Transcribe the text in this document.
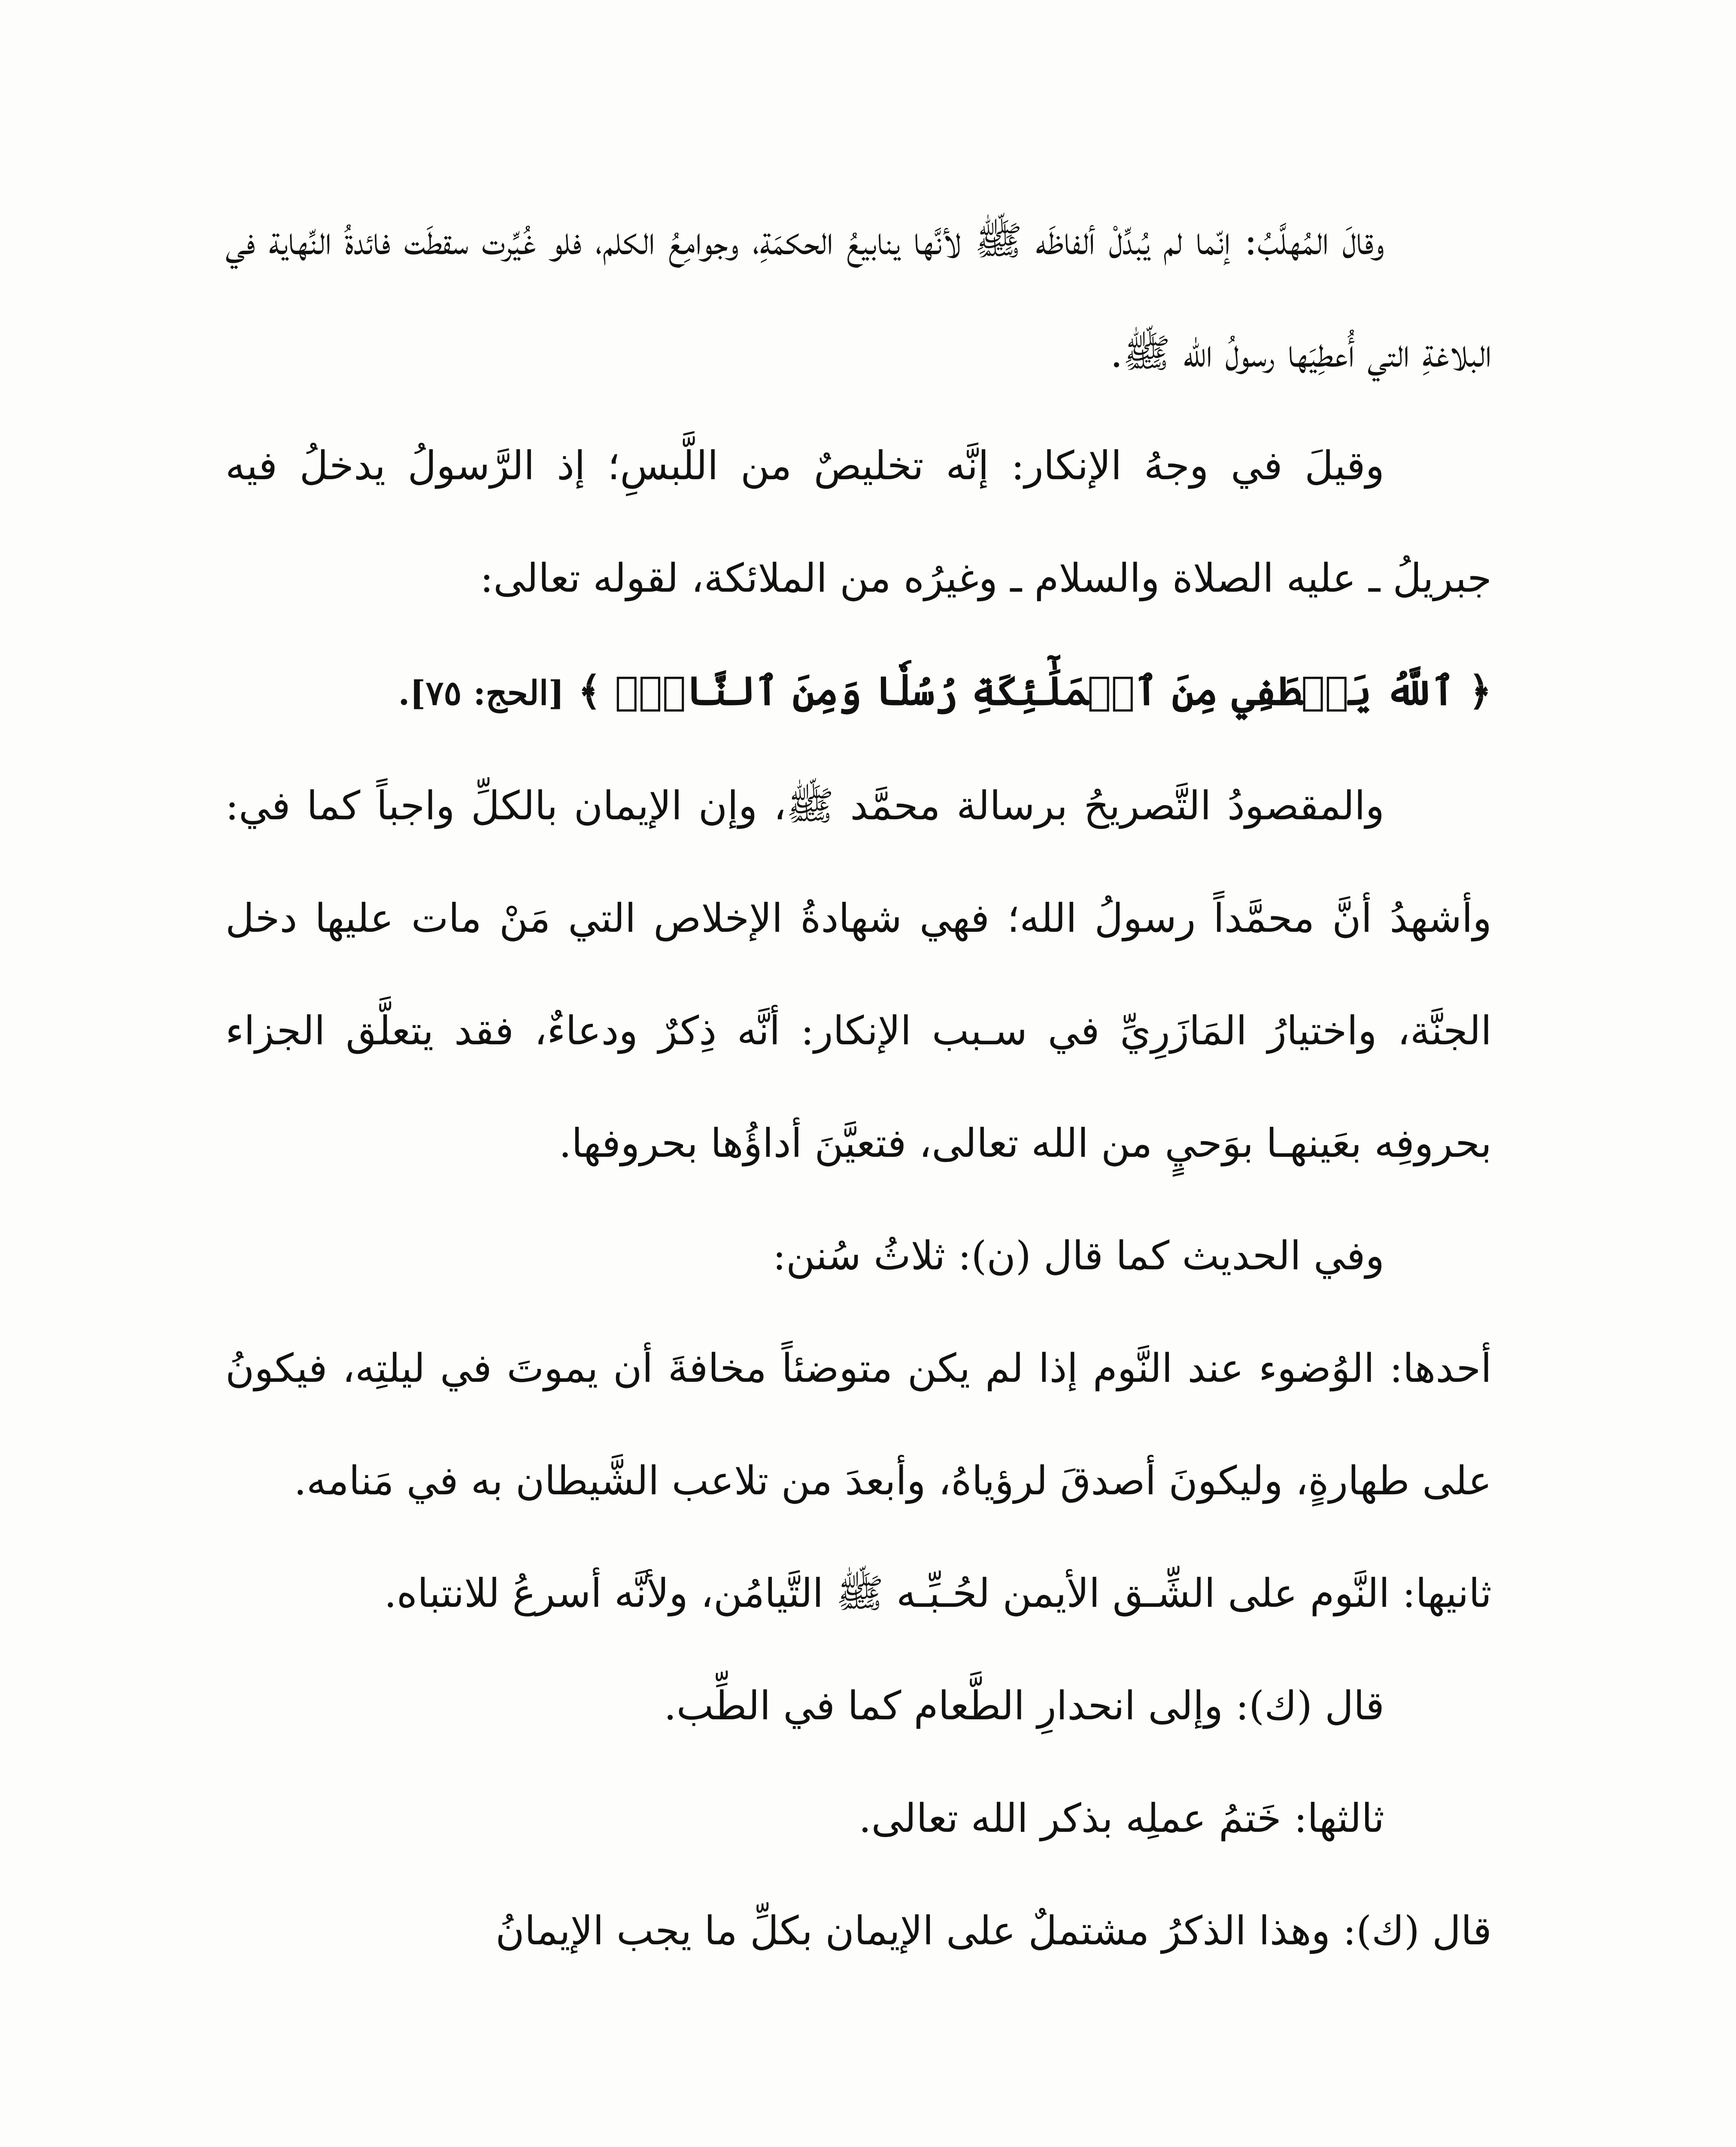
وقالَ المُهلَّبُ: إنّما لم يُبدِّلْ ألفاظَه ﷺ لأنَّها ينابيعُ الحكمَةِ، وجوامِعُ الكلم، فلو غُيِّرت سقطَت فائدةُ النِّهاية في البلاغةِ التي أُعطِيَها رسولُ الله ﷺ.

وقيلَ في وجهُ الإنكار: إنَّه تخليصٌ من اللَّبسِ؛ إذ الرَّسولُ يدخلُ فيه جبريلُ ـ عليه الصلاة والسلام ـ وغيرُه من الملائكة، لقوله تعالى:

﴿ ٱللَّهُ يَصۡطَفِي مِنَ ٱلۡمَلَٰٓئِكَةِ رُسُلٗا وَمِنَ ٱلنَّاسِۚ ﴾ [الحج: ٧٥].

والمقصودُ التَّصريحُ برسالة محمَّد ﷺ، وإن الإيمان بالكلِّ واجباً كما في: وأشهدُ أنَّ محمَّداً رسولُ الله؛ فهي شهادةُ الإخلاص التي مَنْ مات عليها دخل الجنَّة، واختيارُ المَازَرِيِّ في سـبب الإنكار: أنَّه ذِكرٌ ودعاءٌ، فقد يتعلَّق الجزاء بحروفِه بعَينهـا بوَحيٍ من الله تعالى، فتعيَّنَ أداؤُها بحروفها.

وفي الحديث كما قال (ن): ثلاثُ سُنن:

أحدها: الوُضوء عند النَّوم إذا لم يكن متوضئاً مخافةَ أن يموتَ في ليلتِه، فيكونُ على طهارةٍ، وليكونَ أصدقَ لرؤياهُ، وأبعدَ من تلاعب الشَّيطان به في مَنامه.

ثانيها: النَّوم على الشِّـق الأيمن لحُـبِّـه ﷺ التَّيامُن، ولأنَّه أسرعُ للانتباه.

قال (ك): وإلى انحدارِ الطَّعام كما في الطِّب.

ثالثها: خَتمُ عملِه بذكر الله تعالى.

قال (ك): وهذا الذكرُ مشتملٌ على الإيمان بكلِّ ما يجب الإيمانُ
